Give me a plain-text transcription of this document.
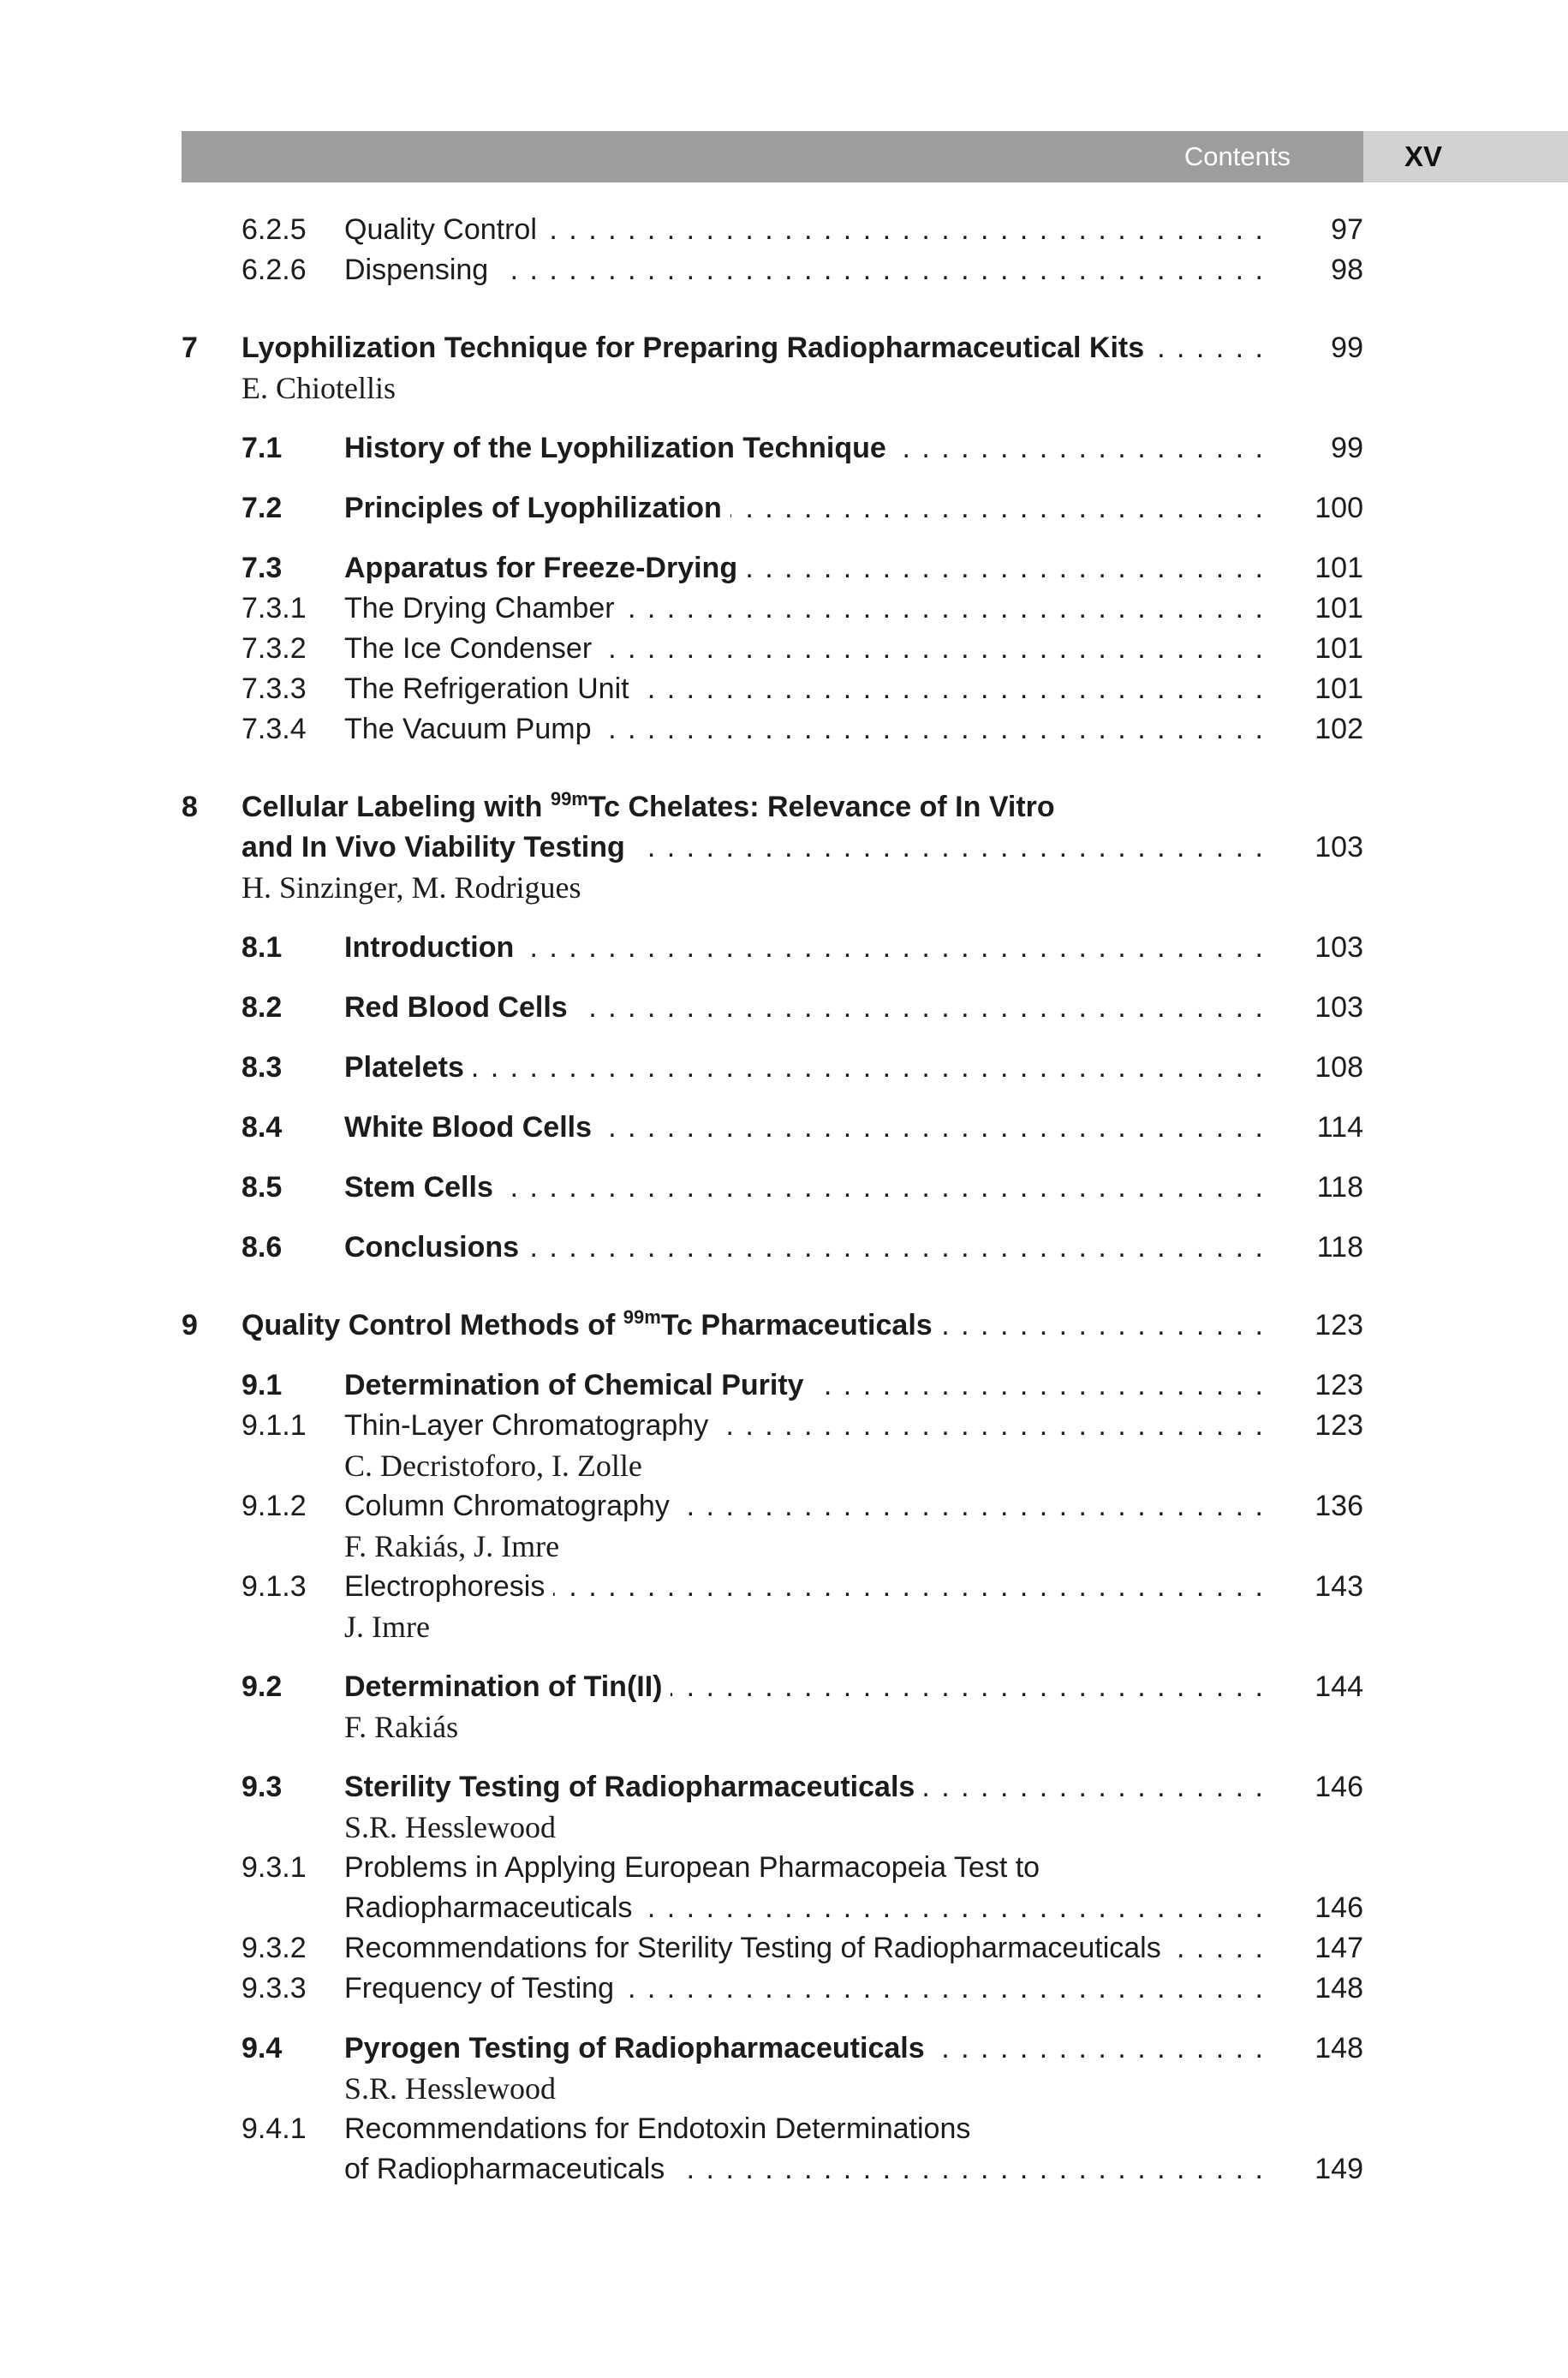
Contents	XV
6.2.5 Quality Control . . .	97
6.2.6 Dispensing . . .	98
7 Lyophilization Technique for Preparing Radiopharmaceutical Kits . . .	99
E. Chiotellis
7.1 History of the Lyophilization Technique . . .	99
7.2 Principles of Lyophilization . . .	100
7.3 Apparatus for Freeze-Drying . . .	101
7.3.1 The Drying Chamber . . .	101
7.3.2 The Ice Condenser . . .	101
7.3.3 The Refrigeration Unit . . .	101
7.3.4 The Vacuum Pump . . .	102
8 Cellular Labeling with $^{99m}$Tc Chelates: Relevance of In Vitro
and In Vivo Viability Testing . . .	103
H. Sinzinger, M. Rodrigues
8.1 Introduction . . .	103
8.2 Red Blood Cells . . .	103
8.3 Platelets . . .	108
8.4 White Blood Cells . . .	114
8.5 Stem Cells . . .	118
8.6 Conclusions . . .	118
9 Quality Control Methods of $^{99m}$Tc Pharmaceuticals . . .	123
9.1 Determination of Chemical Purity . . .	123
9.1.1 Thin-Layer Chromatography . . .	123
C. Decristoforo, I. Zolle
9.1.2 Column Chromatography . . .	136
F. Rakiás, J. Imre
9.1.3 Electrophoresis . . .	143
J. Imre
9.2 Determination of Tin(II) . . .	144
F. Rakiás
9.3 Sterility Testing of Radiopharmaceuticals . . .	146
S.R. Hesslewood
9.3.1 Problems in Applying European Pharmacopeia Test to
Radiopharmaceuticals . . .	146
9.3.2 Recommendations for Sterility Testing of Radiopharmaceuticals . . .	147
9.3.3 Frequency of Testing . . .	148
9.4 Pyrogen Testing of Radiopharmaceuticals . . .	148
S.R. Hesslewood
9.4.1 Recommendations for Endotoxin Determinations
of Radiopharmaceuticals . . .	149
